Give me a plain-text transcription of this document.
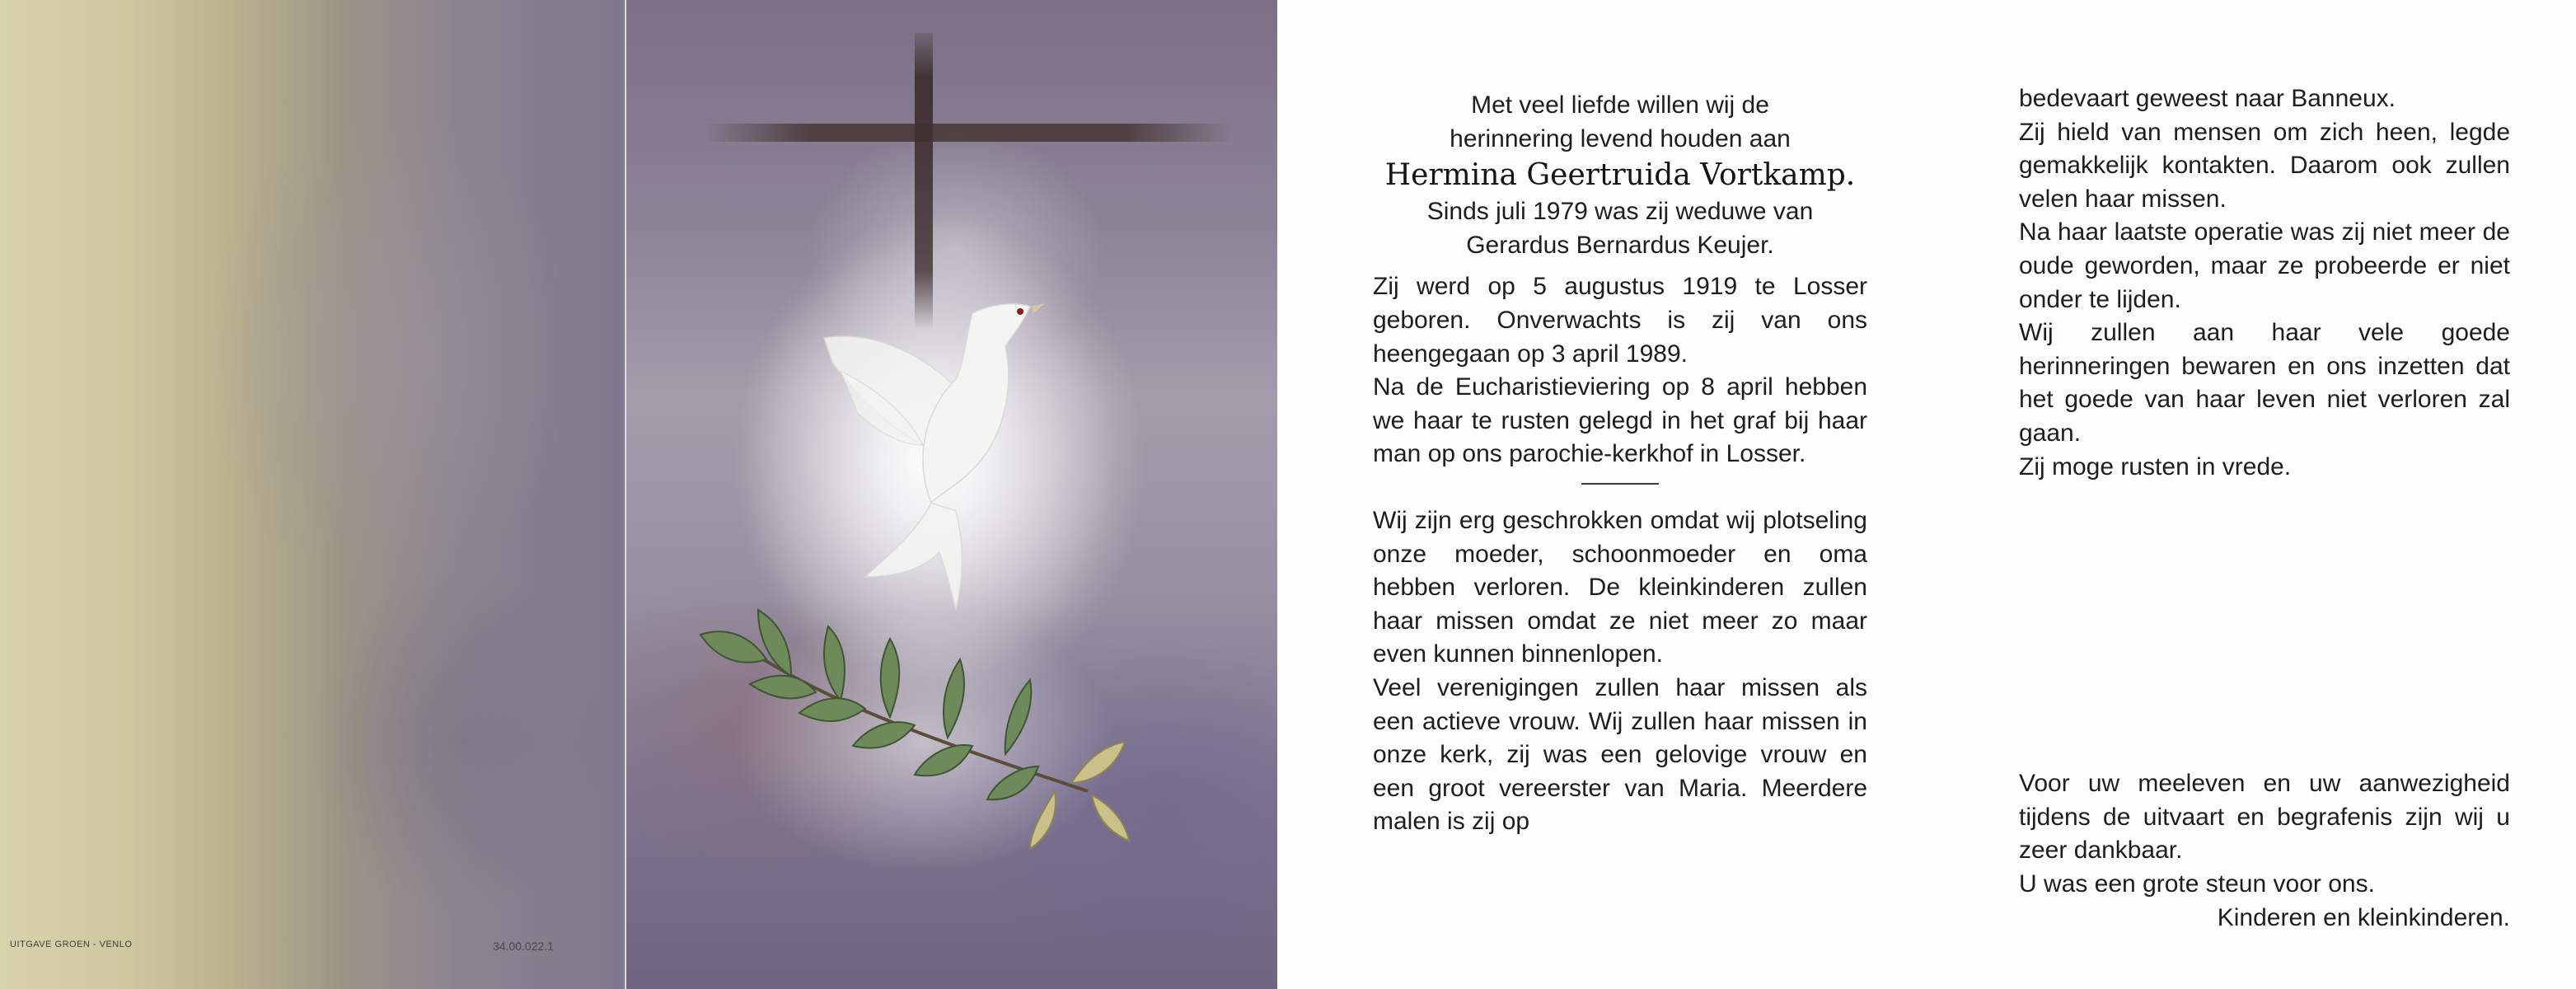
UITGAVE GROEN - VENLO	34.00.022.1

Met veel liefde willen wij de

herinnering levend houden aan

Hermina Geertruida Vortkamp.

Sinds juli 1979 was zij weduwe van

Gerardus Bernardus Keujer.

Zij werd op 5 augustus 1919 te Losser geboren. Onverwachts is zij van ons heengegaan op 3 april 1989.

Na de Eucharistieviering op 8 april hebben we haar te rusten gelegd in het graf bij haar man op ons parochie-kerkhof in Losser.

Wij zijn erg geschrokken omdat wij plotseling onze moeder, schoonmoeder en oma hebben verloren. De kleinkinderen zullen haar missen omdat ze niet meer zo maar even kunnen binnenlopen.

Veel verenigingen zullen haar missen als een actieve vrouw. Wij zullen haar missen in onze kerk, zij was een gelovige vrouw en een groot vereerster van Maria. Meerdere malen is zij op

bedevaart geweest naar Banneux.

Zij hield van mensen om zich heen, legde gemakkelijk kontakten. Daarom ook zullen velen haar missen.

Na haar laatste operatie was zij niet meer de oude geworden, maar ze probeerde er niet onder te lijden.

Wij zullen aan haar vele goede herinneringen bewaren en ons inzetten dat het goede van haar leven niet verloren zal gaan.

Zij moge rusten in vrede.

Voor uw meeleven en uw aanwezigheid tijdens de uitvaart en begrafenis zijn wij u zeer dankbaar.

U was een grote steun voor ons.

Kinderen en kleinkinderen.
